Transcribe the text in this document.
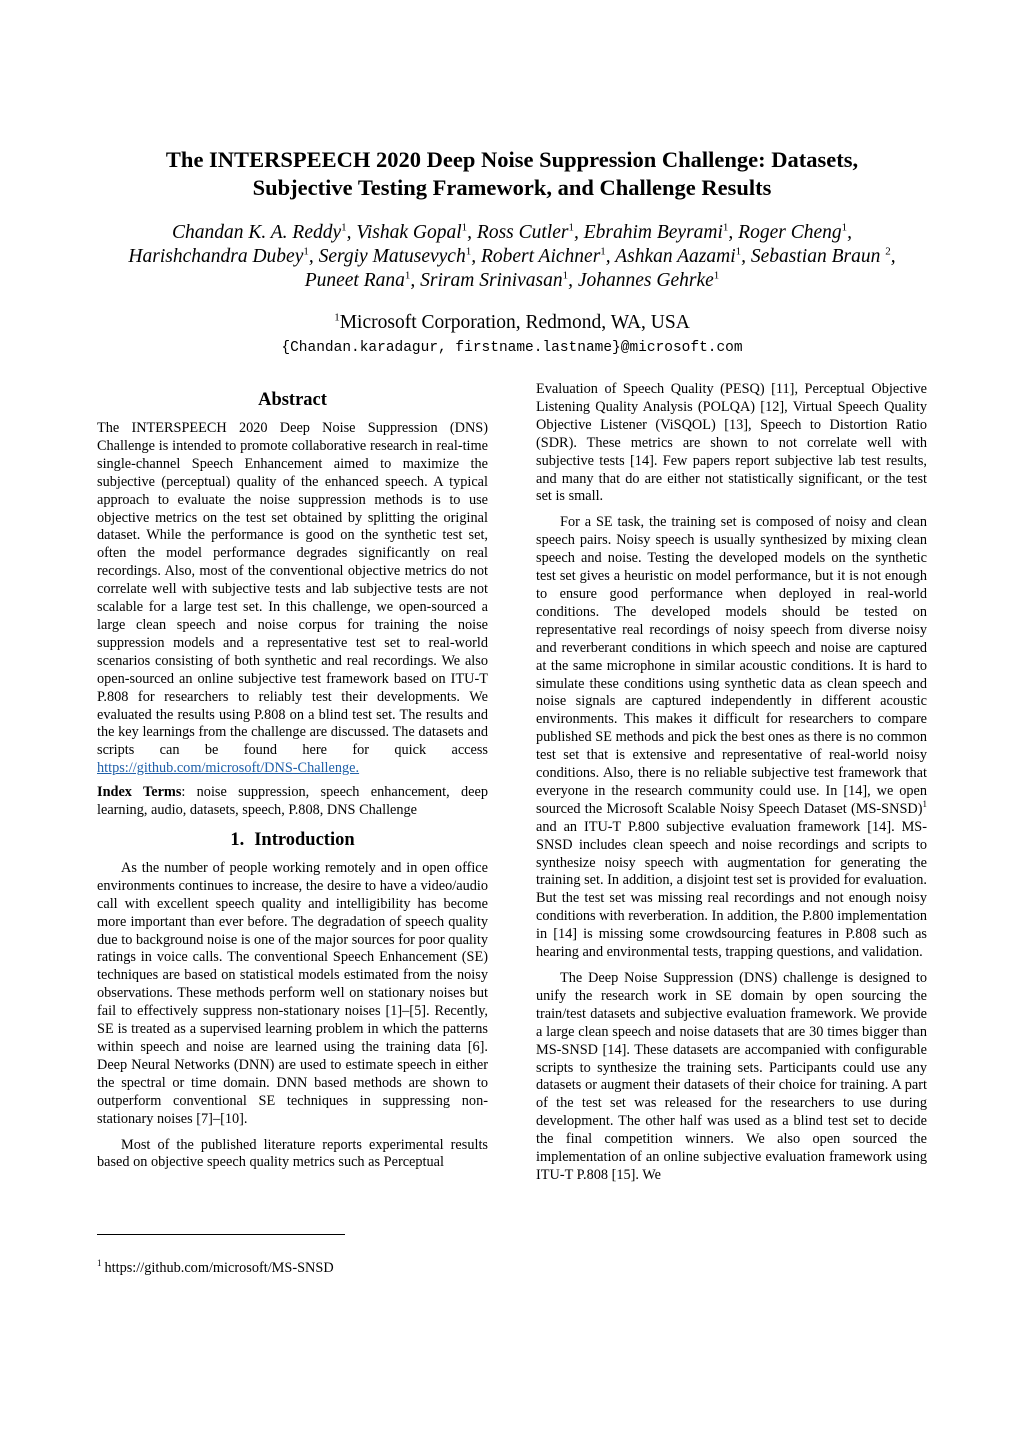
The INTERSPEECH 2020 Deep Noise Suppression Challenge: Datasets,
Subjective Testing Framework, and Challenge Results
Chandan K. A. Reddy$^1$, Vishak Gopal$^1$, Ross Cutler$^1$, Ebrahim Beyrami$^1$, Roger Cheng$^1$,
Harishchandra Dubey$^1$, Sergiy Matusevych$^1$, Robert Aichner$^1$, Ashkan Aazami$^1$, Sebastian Braun $^2$,
Puneet Rana$^1$, Sriram Srinivasan$^1$, Johannes Gehrke$^1$
$^1$Microsoft Corporation, Redmond, WA, USA
{Chandan.karadagur, firstname.lastname}@microsoft.com
Abstract

The INTERSPEECH 2020 Deep Noise Suppression (DNS) Challenge is intended to promote collaborative research in real-time single-channel Speech Enhancement aimed to maximize the subjective (perceptual) quality of the enhanced speech. A typical approach to evaluate the noise suppression methods is to use objective metrics on the test set obtained by splitting the original dataset. While the performance is good on the synthetic test set, often the model performance degrades significantly on real recordings. Also, most of the conventional objective metrics do not correlate well with subjective tests and lab subjective tests are not scalable for a large test set. In this challenge, we open-sourced a large clean speech and noise corpus for training the noise suppression models and a representative test set to real-world scenarios consisting of both synthetic and real recordings. We also open-sourced an online subjective test framework based on ITU-T P.808 for researchers to reliably test their developments. We evaluated the results using P.808 on a blind test set. The results and the key learnings from the challenge are discussed. The datasets and scripts can be found here for quick access https://github.com/microsoft/DNS-Challenge.

Index Terms: noise suppression, speech enhancement, deep learning, audio, datasets, speech, P.808, DNS Challenge

1. Introduction

As the number of people working remotely and in open office environments continues to increase, the desire to have a video/audio call with excellent speech quality and intelligibility has become more important than ever before. The degradation of speech quality due to background noise is one of the major sources for poor quality ratings in voice calls. The conventional Speech Enhancement (SE) techniques are based on statistical models estimated from the noisy observations. These methods perform well on stationary noises but fail to effectively suppress non-stationary noises [1]–[5]. Recently, SE is treated as a supervised learning problem in which the patterns within speech and noise are learned using the training data [6]. Deep Neural Networks (DNN) are used to estimate speech in either the spectral or time domain. DNN based methods are shown to outperform conventional SE techniques in suppressing non-stationary noises [7]–[10].

Most of the published literature reports experimental results based on objective speech quality metrics such as Perceptual

Evaluation of Speech Quality (PESQ) [11], Perceptual Objective Listening Quality Analysis (POLQA) [12], Virtual Speech Quality Objective Listener (ViSQOL) [13], Speech to Distortion Ratio (SDR). These metrics are shown to not correlate well with subjective tests [14]. Few papers report subjective lab test results, and many that do are either not statistically significant, or the test set is small.

For a SE task, the training set is composed of noisy and clean speech pairs. Noisy speech is usually synthesized by mixing clean speech and noise. Testing the developed models on the synthetic test set gives a heuristic on model performance, but it is not enough to ensure good performance when deployed in real-world conditions. The developed models should be tested on representative real recordings of noisy speech from diverse noisy and reverberant conditions in which speech and noise are captured at the same microphone in similar acoustic conditions. It is hard to simulate these conditions using synthetic data as clean speech and noise signals are captured independently in different acoustic environments. This makes it difficult for researchers to compare published SE methods and pick the best ones as there is no common test set that is extensive and representative of real-world noisy conditions. Also, there is no reliable subjective test framework that everyone in the research community could use. In [14], we open sourced the Microsoft Scalable Noisy Speech Dataset (MS-SNSD)$^1$ and an ITU-T P.800 subjective evaluation framework [14]. MS-SNSD includes clean speech and noise recordings and scripts to synthesize noisy speech with augmentation for generating the training set. In addition, a disjoint test set is provided for evaluation. But the test set was missing real recordings and not enough noisy conditions with reverberation. In addition, the P.800 implementation in [14] is missing some crowdsourcing features in P.808 such as hearing and environmental tests, trapping questions, and validation.

The Deep Noise Suppression (DNS) challenge is designed to unify the research work in SE domain by open sourcing the train/test datasets and subjective evaluation framework. We provide a large clean speech and noise datasets that are 30 times bigger than MS-SNSD [14]. These datasets are accompanied with configurable scripts to synthesize the training sets. Participants could use any datasets or augment their datasets of their choice for training. A part of the test set was released for the researchers to use during development. The other half was used as a blind test set to decide the final competition winners. We also open sourced the implementation of an online subjective evaluation framework using ITU-T P.808 [15]. We

$^1$ https://github.com/microsoft/MS-SNSD
